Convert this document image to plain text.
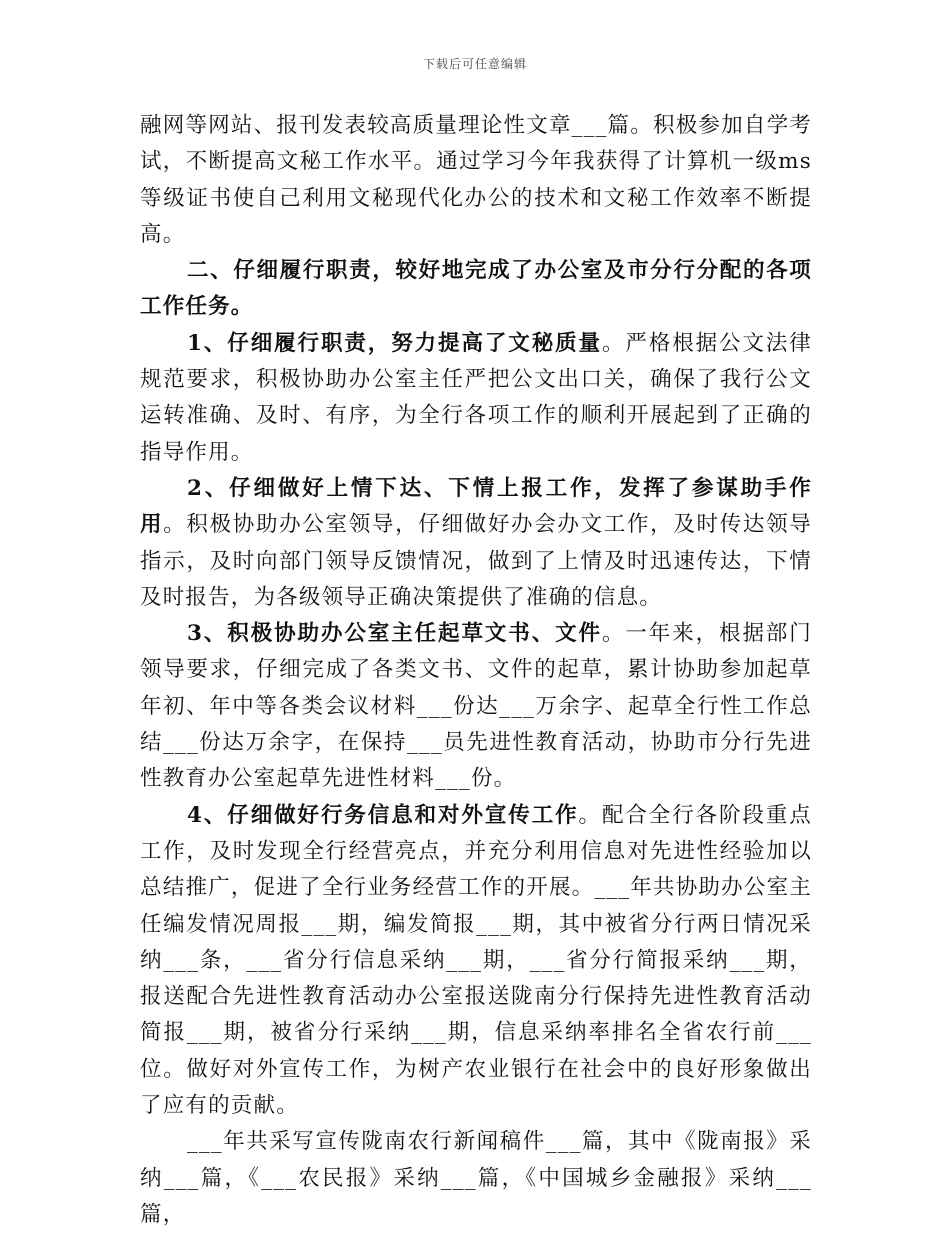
下载后可任意编辑

融网等网站、报刊发表较高质量理论性文章___篇。积极参加自学考试，不断提高文秘工作水平。通过学习今年我获得了计算机一级ms等级证书使自己利用文秘现代化办公的技术和文秘工作效率不断提高。

二、仔细履行职责，较好地完成了办公室及市分行分配的各项工作任务。

1、仔细履行职责，努力提高了文秘质量。严格根据公文法律规范要求，积极协助办公室主任严把公文出口关，确保了我行公文运转准确、及时、有序，为全行各项工作的顺利开展起到了正确的指导作用。

2、仔细做好上情下达、下情上报工作，发挥了参谋助手作用。积极协助办公室领导，仔细做好办会办文工作，及时传达领导指示，及时向部门领导反馈情况，做到了上情及时迅速传达，下情及时报告，为各级领导正确决策提供了准确的信息。

3、积极协助办公室主任起草文书、文件。一年来，根据部门领导要求，仔细完成了各类文书、文件的起草，累计协助参加起草年初、年中等各类会议材料___份达___万余字、起草全行性工作总结___份达万余字，在保持___员先进性教育活动，协助市分行先进性教育办公室起草先进性材料___份。

4、仔细做好行务信息和对外宣传工作。配合全行各阶段重点工作，及时发现全行经营亮点，并充分利用信息对先进性经验加以总结推广，促进了全行业务经营工作的开展。___年共协助办公室主任编发情况周报___期，编发简报___期，其中被省分行两日情况采纳___条，___省分行信息采纳___期，___省分行简报采纳___期，报送配合先进性教育活动办公室报送陇南分行保持先进性教育活动简报___期，被省分行采纳___期，信息采纳率排名全省农行前___位。做好对外宣传工作，为树产农业银行在社会中的良好形象做出了应有的贡献。

___年共采写宣传陇南农行新闻稿件___篇，其中《陇南报》采纳___篇，《___农民报》采纳___篇，《中国城乡金融报》采纳___篇，
